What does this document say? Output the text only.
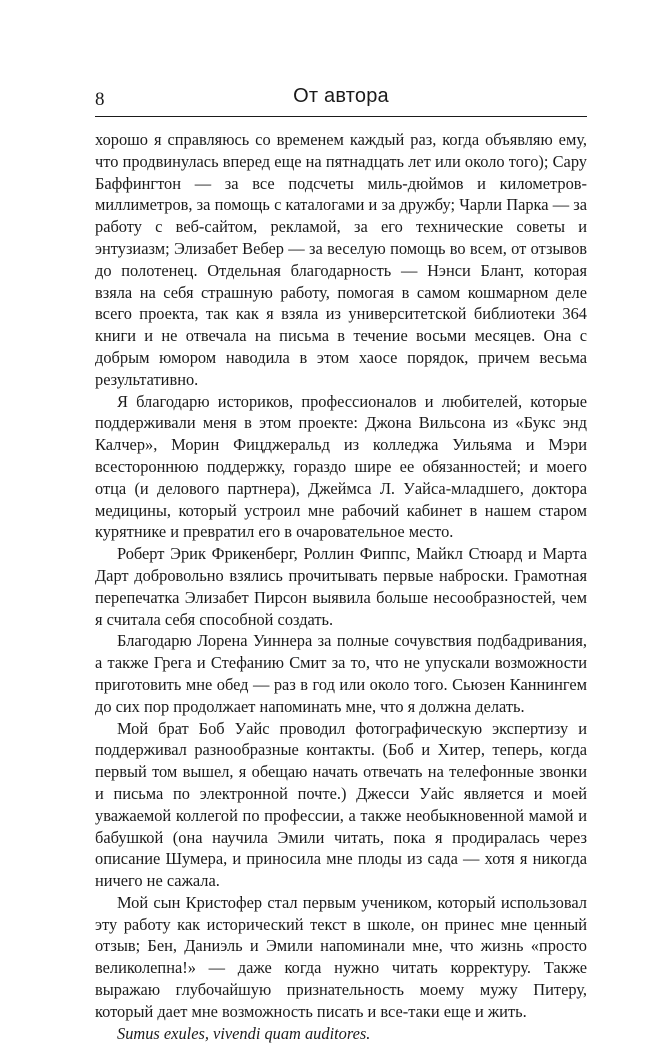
8	От автора

хорошо я справляюсь со временем каждый раз, когда объявляю ему, что продвинулась вперед еще на пятнадцать лет или около того); Сару Баффингтон — за все подсчеты миль-дюймов и километров-миллиметров, за помощь с каталогами и за дружбу; Чарли Парка — за работу с веб-сайтом, рекламой, за его технические советы и энтузиазм; Элизабет Вебер — за веселую помощь во всем, от отзывов до полотенец. Отдельная благодарность — Нэнси Блант, которая взяла на себя страшную работу, помогая в самом кошмарном деле всего проекта, так как я взяла из университетской библиотеки 364 книги и не отвечала на письма в течение восьми месяцев. Она с добрым юмором наводила в этом хаосе порядок, причем весьма результативно.

Я благодарю историков, профессионалов и любителей, которые поддерживали меня в этом проекте: Джона Вильсона из «Букс энд Калчер», Морин Фицджеральд из колледжа Уильяма и Мэри всестороннюю поддержку, гораздо шире ее обязанностей; и моего отца (и делового партнера), Джеймса Л. Уайса-младшего, доктора медицины, который устроил мне рабочий кабинет в нашем старом курятнике и превратил его в очаровательное место.

Роберт Эрик Фрикенберг, Роллин Фиппс, Майкл Стюард и Марта Дарт добровольно взялись прочитывать первые наброски. Грамотная перепечатка Элизабет Пирсон выявила больше несообразностей, чем я считала себя способной создать.

Благодарю Лорена Уиннера за полные сочувствия подбадривания, а также Грега и Стефанию Смит за то, что не упускали возможности приготовить мне обед — раз в год или около того. Сьюзен Каннингем до сих пор продолжает напоминать мне, что я должна делать.

Мой брат Боб Уайс проводил фотографическую экспертизу и поддерживал разнообразные контакты. (Боб и Хитер, теперь, когда первый том вышел, я обещаю начать отвечать на телефонные звонки и письма по электронной почте.) Джесси Уайс является и моей уважаемой коллегой по профессии, а также необыкновенной мамой и бабушкой (она научила Эмили читать, пока я продиралась через описание Шумера, и приносила мне плоды из сада — хотя я никогда ничего не сажала.

Мой сын Кристофер стал первым учеником, который использовал эту работу как исторический текст в школе, он принес мне ценный отзыв; Бен, Даниэль и Эмили напоминали мне, что жизнь «просто великолепна!» — даже когда нужно читать корректуру. Также выражаю глубочайшую признательность моему мужу Питеру, который дает мне возможность писать и все-таки еще и жить.

Sumus exules, vivendi quam auditores.
